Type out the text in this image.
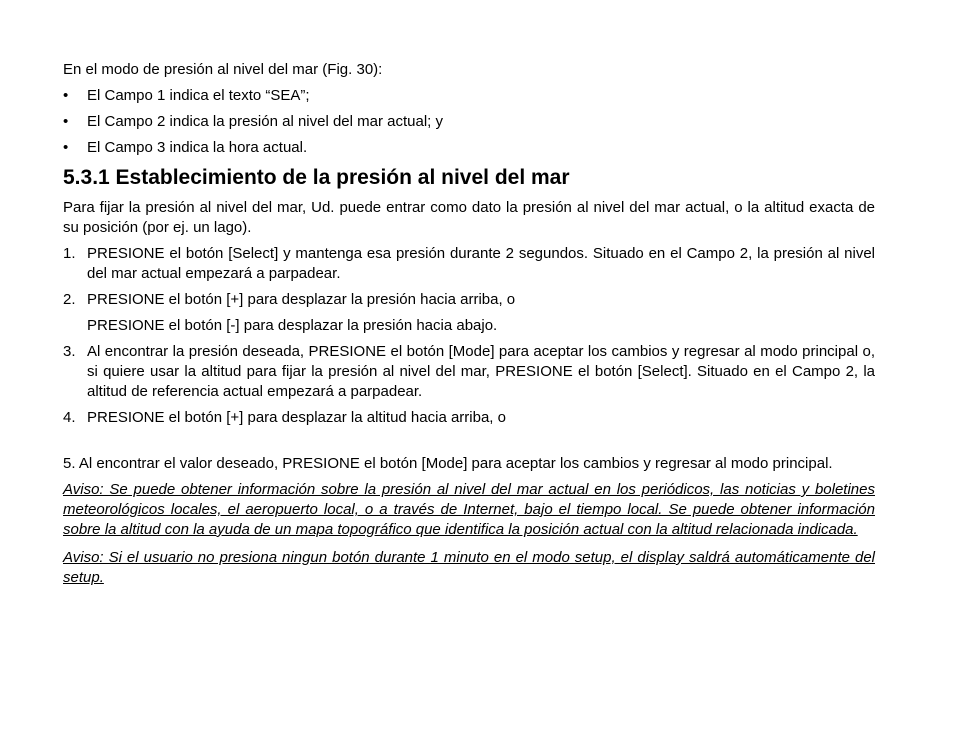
En el modo de presión al nivel del mar (Fig. 30):

•	El Campo 1 indica el texto “SEA”;
•	El Campo 2 indica la presión al nivel del mar actual; y
•	El Campo 3 indica la hora actual.
5.3.1 Establecimiento de la presión al nivel del mar

Para fijar la presión al nivel del mar, Ud. puede entrar como dato la presión al nivel del mar actual, o la altitud exacta de su posición (por ej. un lago).

1. PRESIONE el botón [Select] y mantenga esa presión durante 2 segundos. Situado en el Campo 2, la presión al nivel del mar actual empezará a parpadear.
2. PRESIONE el botón [+] para desplazar la presión hacia arriba, o
PRESIONE el botón [-] para desplazar la presión hacia abajo.
3. Al encontrar la presión deseada, PRESIONE el botón [Mode] para aceptar los cambios y regresar al modo principal o, si quiere usar la altitud para fijar la presión al nivel del mar, PRESIONE el botón [Select]. Situado en el Campo 2, la altitud de referencia actual empezará a parpadear.
4. PRESIONE el botón [+] para desplazar la altitud hacia arriba, o

5. Al encontrar el valor deseado, PRESIONE el botón [Mode] para aceptar los cambios y regresar al modo principal.

Aviso: Se puede obtener información sobre la presión al nivel del mar actual en los periódicos, las noticias y boletines meteorológicos locales, el aeropuerto local, o a través de Internet, bajo el tiempo local. Se puede obtener información sobre la altitud con la ayuda de un mapa topográfico que identifica la posición actual con la altitud relacionada indicada.

Aviso: Si el usuario no presiona ningun botón durante 1 minuto en el modo setup, el display saldrá automáticamente del setup.
